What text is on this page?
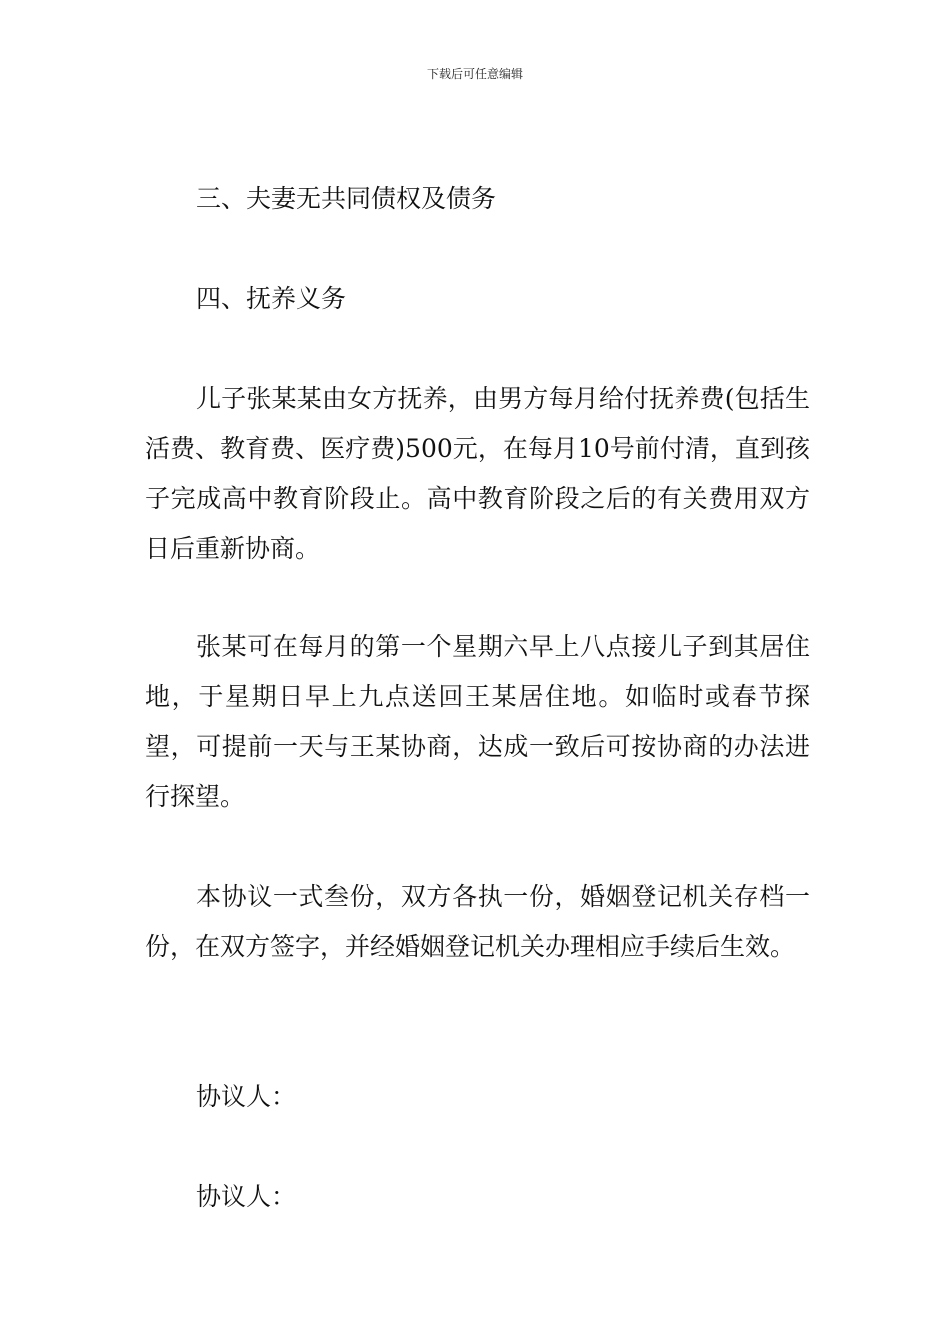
下载后可任意编辑
三、夫妻无共同债权及债务
四、抚养义务

儿子张某某由女方抚养，由男方每月给付抚养费(包括生活费、教育费、医疗费)500元，在每月10号前付清，直到孩子完成高中教育阶段止。高中教育阶段之后的有关费用双方日后重新协商。

张某可在每月的第一个星期六早上八点接儿子到其居住地，于星期日早上九点送回王某居住地。如临时或春节探望，可提前一天与王某协商，达成一致后可按协商的办法进行探望。

本协议一式叁份，双方各执一份，婚姻登记机关存档一份，在双方签字，并经婚姻登记机关办理相应手续后生效。

协议人：
协议人：
